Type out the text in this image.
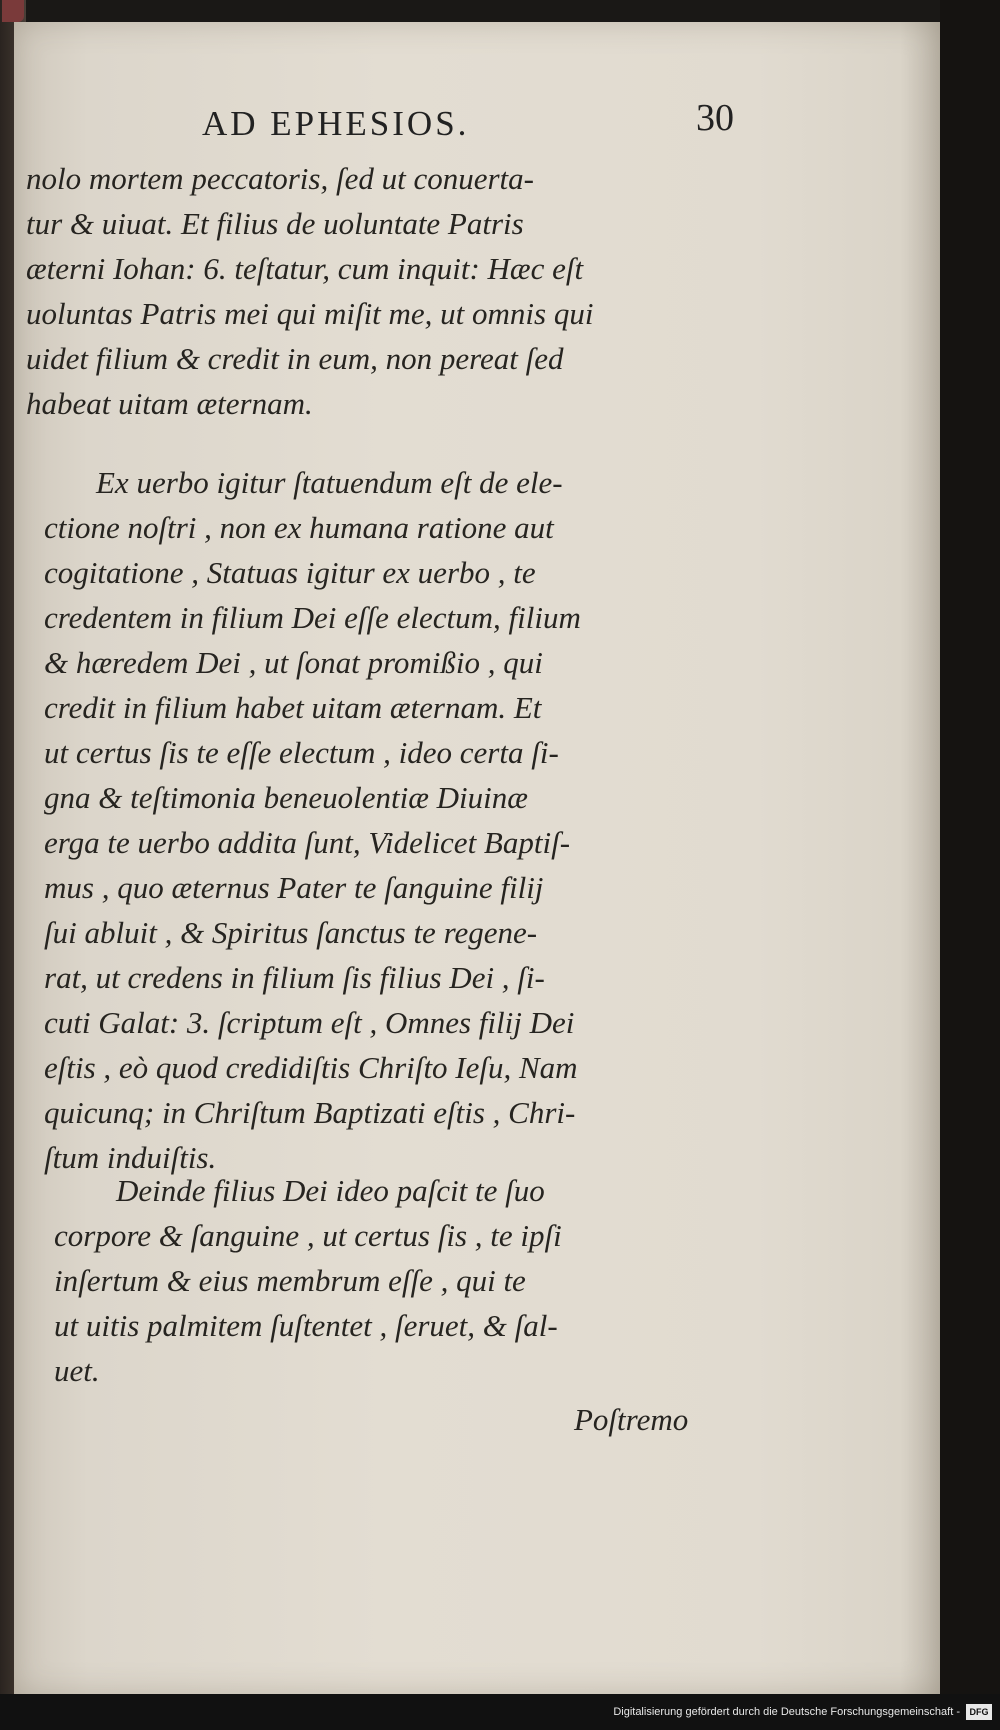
AD EPHESIOS.	30

nolo mortem peccatoris, ſed ut conuerta-
tur & uiuat. Et filius de uoluntate Patris
æterni Iohan: 6. teſtatur, cum inquit: Hæc eſt
uoluntas Patris mei qui miſit me, ut omnis qui
uidet filium & credit in eum, non pereat ſed
habeat uitam æternam.

Ex uerbo igitur ſtatuendum eſt de ele-
ctione noſtri , non ex humana ratione aut
cogitatione , Statuas igitur ex uerbo , te
credentem in filium Dei eſſe electum, filium
& hæredem Dei , ut ſonat promißio , qui
credit in filium habet uitam æternam. Et
ut certus ſis te eſſe electum , ideo certa ſi-
gna & teſtimonia beneuolentiæ Diuinæ
erga te uerbo addita ſunt, Videlicet Baptiſ-
mus , quo æternus Pater te ſanguine filij
ſui abluit , & Spiritus ſanctus te regene-
rat, ut credens in filium ſis filius Dei , ſi-
cuti Galat: 3. ſcriptum eſt , Omnes filij Dei
eſtis , eò quod credidiſtis Chriſto Ieſu, Nam
quicunq; in Chriſtum Baptizati eſtis , Chri-
ſtum induiſtis.

Deinde filius Dei ideo paſcit te ſuo
corpore & ſanguine , ut certus ſis , te ipſi
inſertum & eius membrum eſſe , qui te
ut uitis palmitem ſuſtentet , ſeruet, & ſal-
uet.

Poſtremo
Digitalisierung gefördert durch die Deutsche Forschungsgemeinschaft -	DFG
